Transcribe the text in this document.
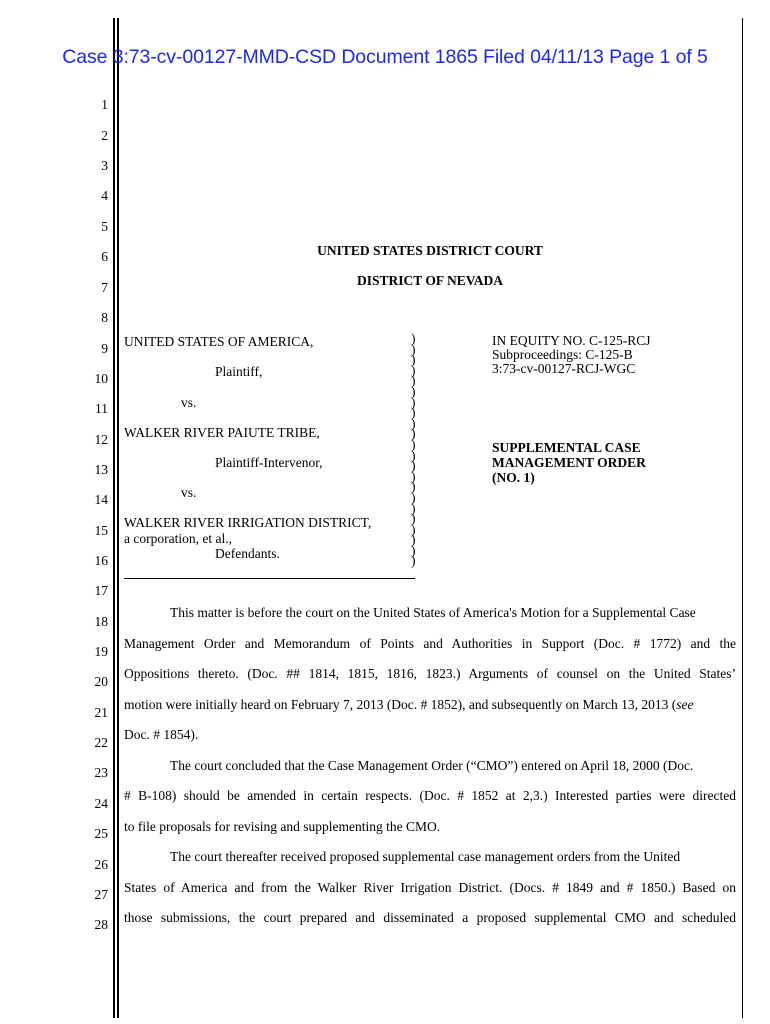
Case 3:73-cv-00127-MMD-CSD Document 1865 Filed 04/11/13 Page 1 of 5
1
2
3
4
5
6
7
8
9
10
11
12
13
14
15
16
17
18
19
20
21
22
23
24
25
26
27
28
UNITED STATES DISTRICT COURT
DISTRICT OF NEVADA
UNITED STATES OF AMERICA,
Plaintiff,
vs.
WALKER RIVER PAIUTE TRIBE,
Plaintiff-Intervenor,
vs.
WALKER RIVER IRRIGATION DISTRICT,
a corporation, et al.,
Defendants.
)
)
)
)
)
)
)
)
)
)
)
)
)
)
)
)
)
)
)
)
)
)
IN EQUITY NO. C-125-RCJ
Subproceedings: C-125-B
3:73-cv-00127-RCJ-WGC
SUPPLEMENTAL CASE
MANAGEMENT ORDER
(NO. 1)
This matter is before the court on the United States of America's Motion for a Supplemental Case
Management Order and Memorandum of Points and Authorities in Support (Doc. # 1772) and the
Oppositions thereto. (Doc. ## 1814, 1815, 1816, 1823.) Arguments of counsel on the United States’
motion were initially heard on February 7, 2013 (Doc. # 1852), and subsequently on March 13, 2013 (see
Doc. # 1854).
The court concluded that the Case Management Order (“CMO”) entered on April 18, 2000 (Doc.
# B-108) should be amended in certain respects. (Doc. # 1852 at 2,3.) Interested parties were directed
to file proposals for revising and supplementing the CMO.
The court thereafter received proposed supplemental case management orders from the United
States of America and from the Walker River Irrigation District. (Docs. # 1849 and # 1850.) Based on
those submissions, the court prepared and disseminated a proposed supplemental CMO and scheduled
